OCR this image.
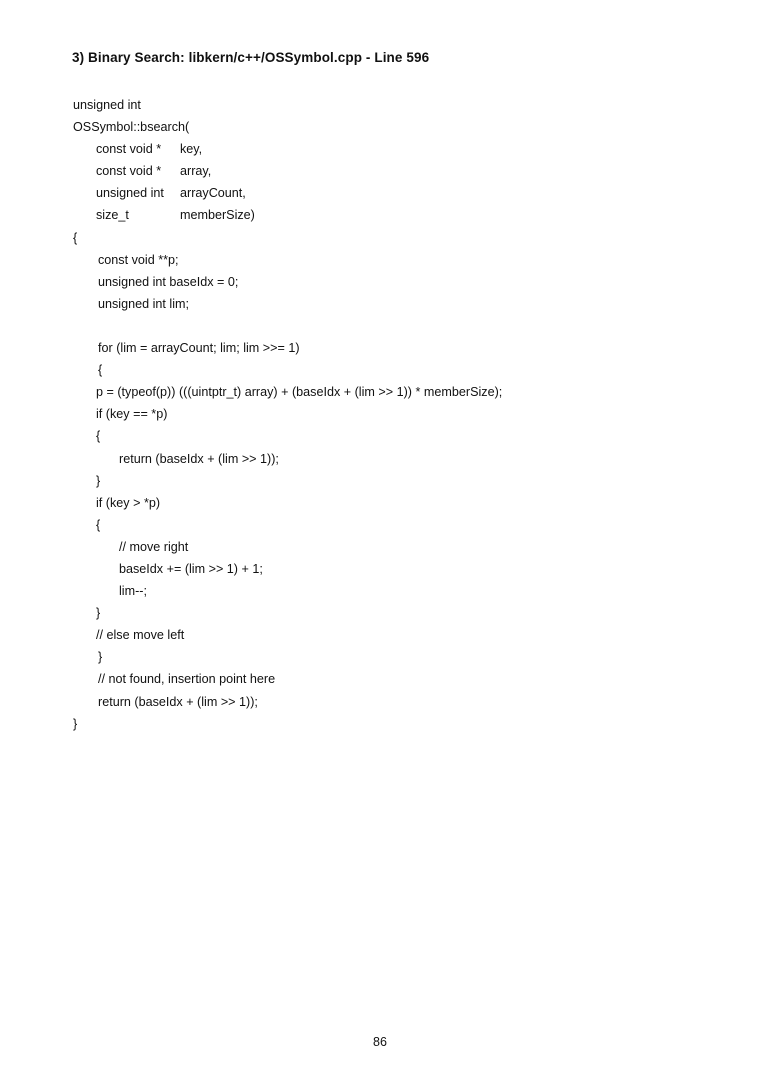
3) Binary Search: libkern/c++/OSSymbol.cpp - Line 596
unsigned int
OSSymbol::bsearch(
const void * key,
const void * array,
unsigned int arrayCount,
size_t	memberSize)
{
const void **p;
unsigned int baseIdx = 0;
unsigned int lim;
for (lim = arrayCount; lim; lim >>= 1)
{
p = (typeof(p)) (((uintptr_t) array) + (baseIdx + (lim >> 1)) * memberSize);
if (key == *p)
{
return (baseIdx + (lim >> 1));
}
if (key > *p)
{
// move right
baseIdx += (lim >> 1) + 1;
lim--;
}
// else move left
}
// not found, insertion point here
return (baseIdx + (lim >> 1));
}
86
